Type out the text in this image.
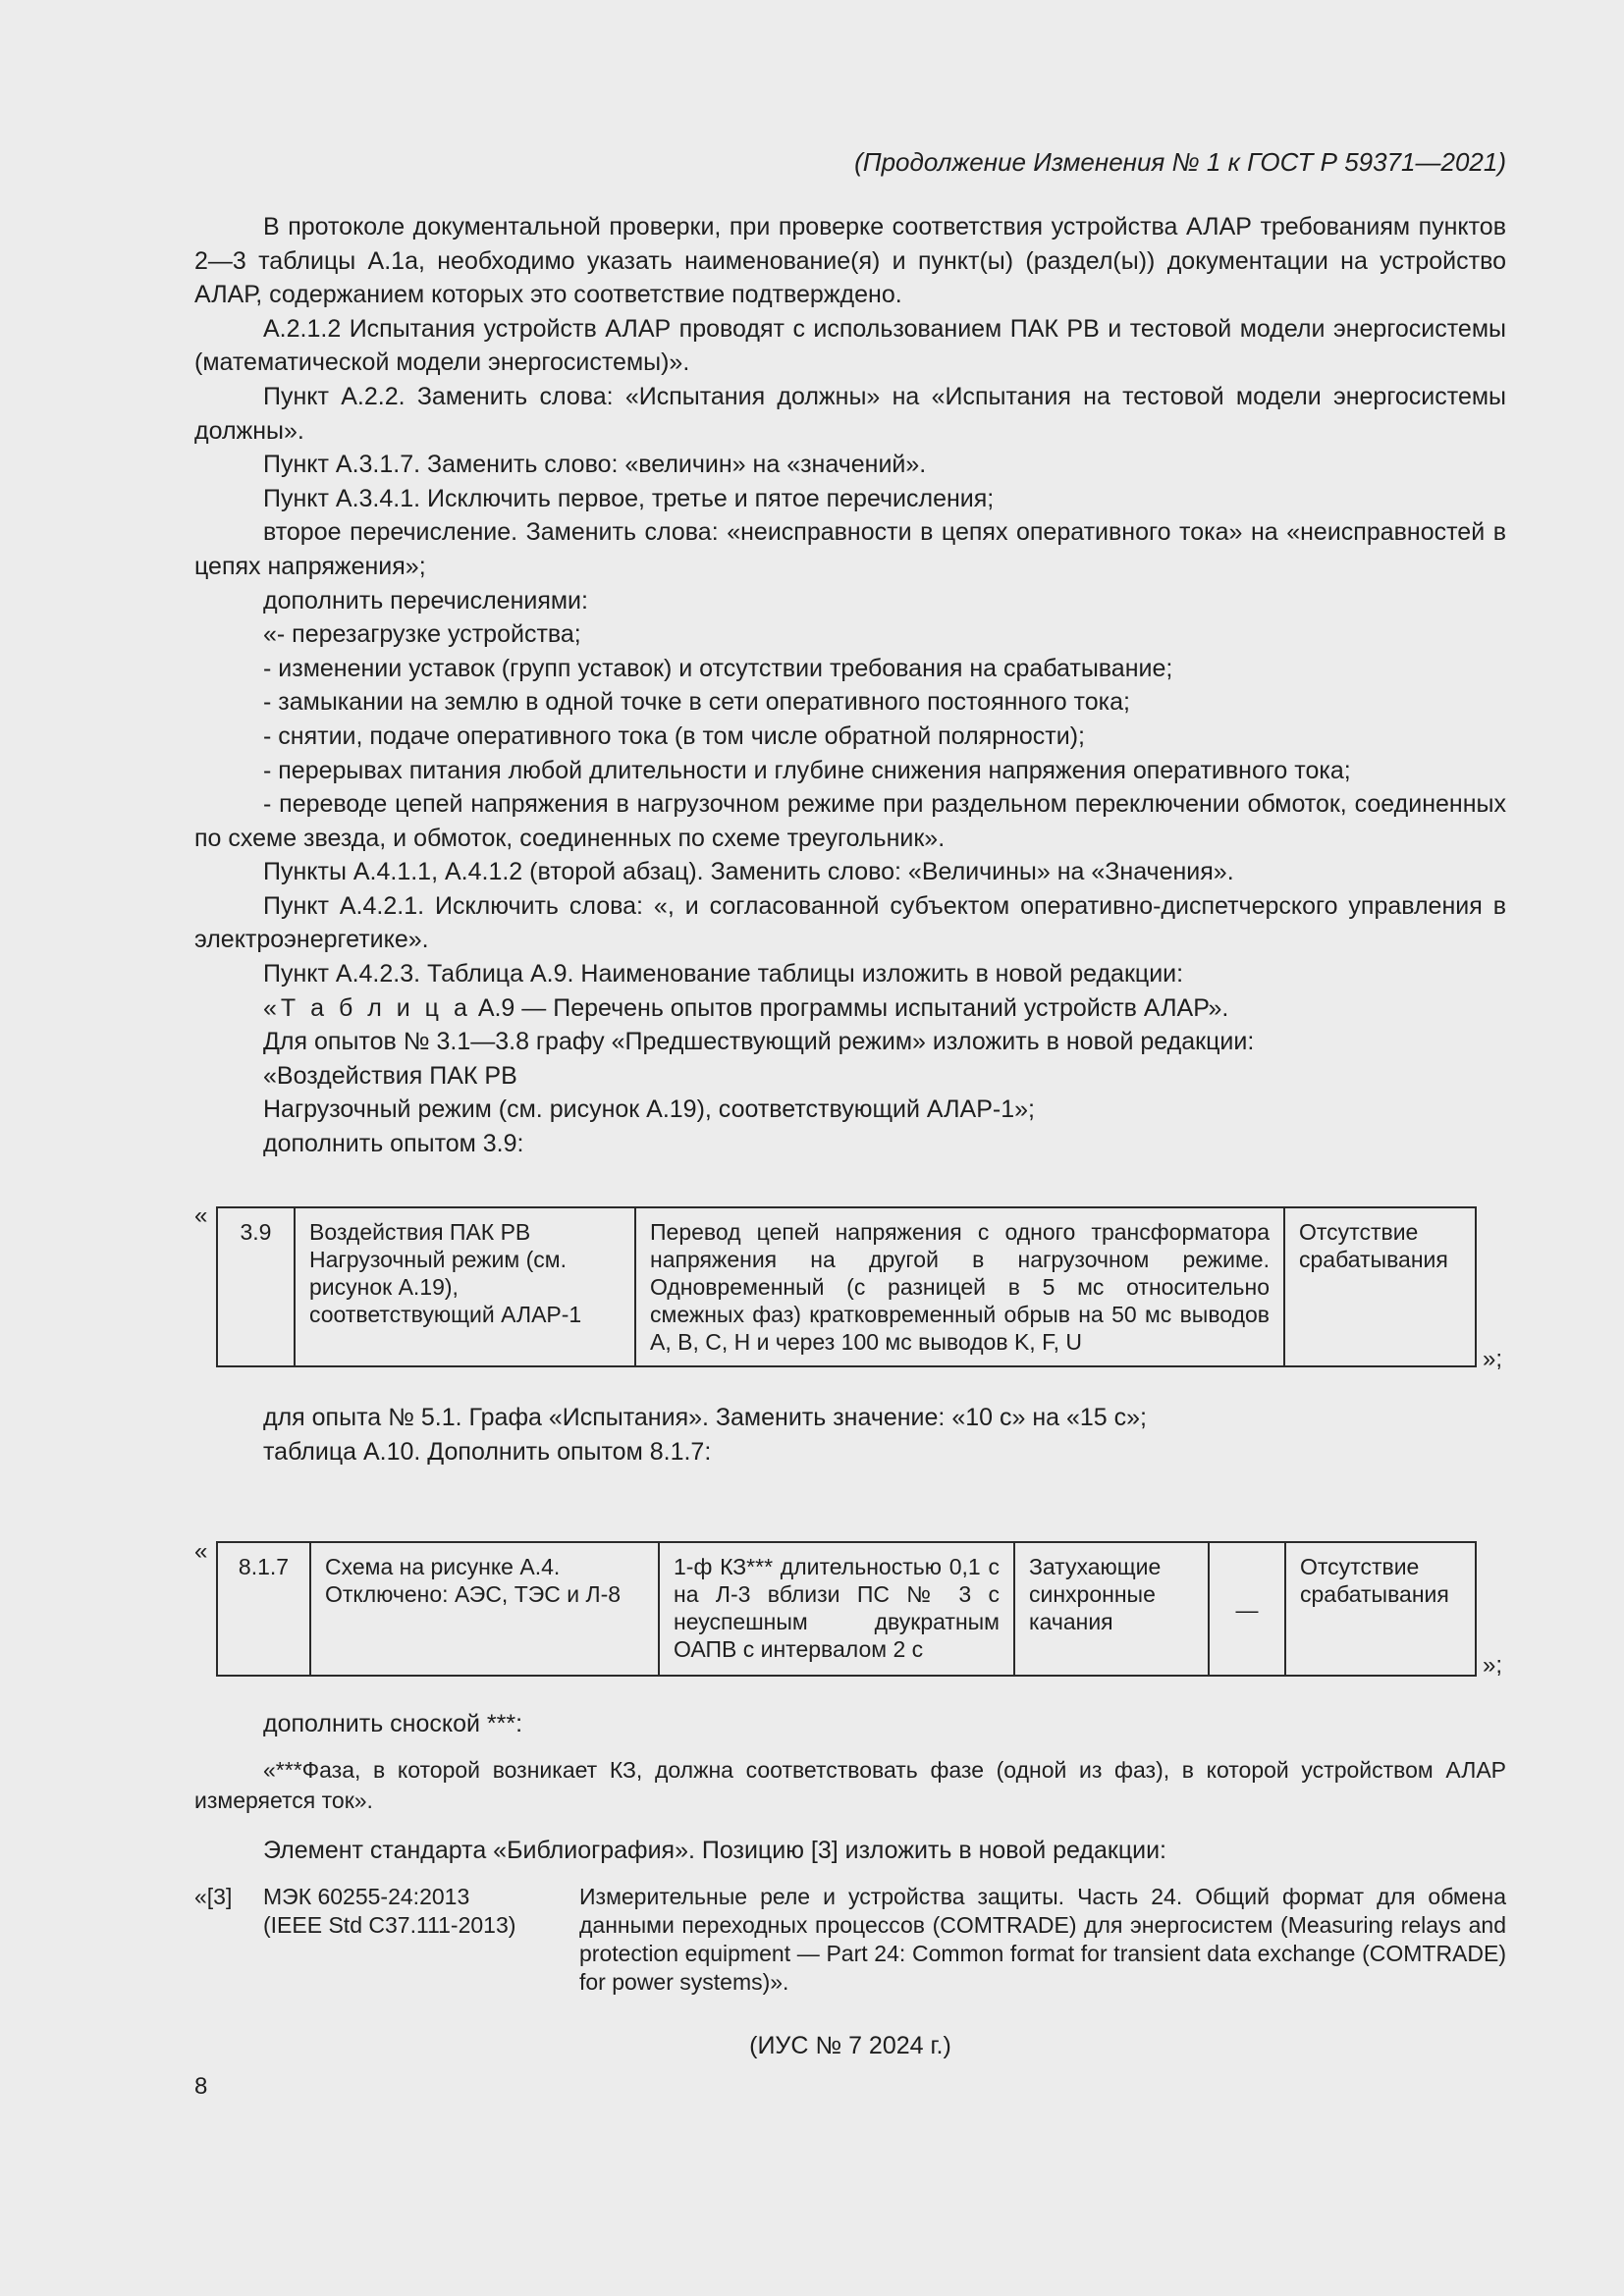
(Продолжение Изменения № 1 к ГОСТ Р 59371—2021)

В протоколе документальной проверки, при проверке соответствия устройства АЛАР требованиям пунктов 2—3 таблицы А.1а, необходимо указать наименование(я) и пункт(ы) (раздел(ы)) документации на устройство АЛАР, содержанием которых это соответствие подтверждено.

А.2.1.2 Испытания устройств АЛАР проводят с использованием ПАК РВ и тестовой модели энергосистемы (математической модели энергосистемы)».

Пункт А.2.2. Заменить слова: «Испытания должны» на «Испытания на тестовой модели энергосистемы должны».

Пункт А.3.1.7. Заменить слово: «величин» на «значений».

Пункт А.3.4.1. Исключить первое, третье и пятое перечисления;

второе перечисление. Заменить слова: «неисправности в цепях оперативного тока» на «неисправностей в цепях напряжения»;

дополнить перечислениями:

«- перезагрузке устройства;

- изменении уставок (групп уставок) и отсутствии требования на срабатывание;

- замыкании на землю в одной точке в сети оперативного постоянного тока;

- снятии, подаче оперативного тока (в том числе обратной полярности);

- перерывах питания любой длительности и глубине снижения напряжения оперативного тока;

- переводе цепей напряжения в нагрузочном режиме при раздельном переключении обмоток, соединенных по схеме звезда, и обмоток, соединенных по схеме треугольник».

Пункты А.4.1.1, А.4.1.2 (второй абзац). Заменить слово: «Величины» на «Значения».

Пункт А.4.2.1. Исключить слова: «, и согласованной субъектом оперативно-диспетчерского управления в электроэнергетике».

Пункт А.4.2.3. Таблица А.9. Наименование таблицы изложить в новой редакции:

«Т а б л и ц а А.9 — Перечень опытов программы испытаний устройств АЛАР».

Для опытов № 3.1—3.8 графу «Предшествующий режим» изложить в новой редакции:

«Воздействия ПАК РВ

Нагрузочный режим (см. рисунок А.19), соответствующий АЛАР-1»;

дополнить опытом 3.9:

«
3.9	Воздействия ПАК РВ Нагрузочный режим (см. рисунок А.19), соответствующий АЛАР-1	Перевод цепей напряжения с одного трансформатора напряжения на другой в нагрузочном режиме. Одновременный (с разницей в 5 мс относительно смежных фаз) кратковременный обрыв на 50 мс выводов А, В, С, Н и через 100 мс выводов K, F, U	Отсутствие срабатывания
»;

для опыта № 5.1. Графа «Испытания». Заменить значение: «10 с» на «15 с»;

таблица А.10. Дополнить опытом 8.1.7:

«
8.1.7	Схема на рисунке А.4. Отключено: АЭС, ТЭС и Л-8	1-ф КЗ*** длительностью 0,1 с на Л-3 вблизи ПС № 3 с неуспешным двукратным ОАПВ с интервалом 2 с	Затухающие синхронные качания	—	Отсутствие срабатывания
»;

дополнить сноской ***:

«***Фаза, в которой возникает КЗ, должна соответствовать фазе (одной из фаз), в которой устройством АЛАР измеряется ток».

Элемент стандарта «Библиография». Позицию [3] изложить в новой редакции:

«[3] МЭК 60255-24:2013
(IEEE Std C37.111-2013)
Измерительные реле и устройства защиты. Часть 24. Общий формат для обмена данными переходных процессов (COMTRADE) для энергосистем (Measuring relays and protection equipment — Part 24: Common format for transient data exchange (COMTRADE) for power systems)».
(ИУС № 7 2024 г.)
8
